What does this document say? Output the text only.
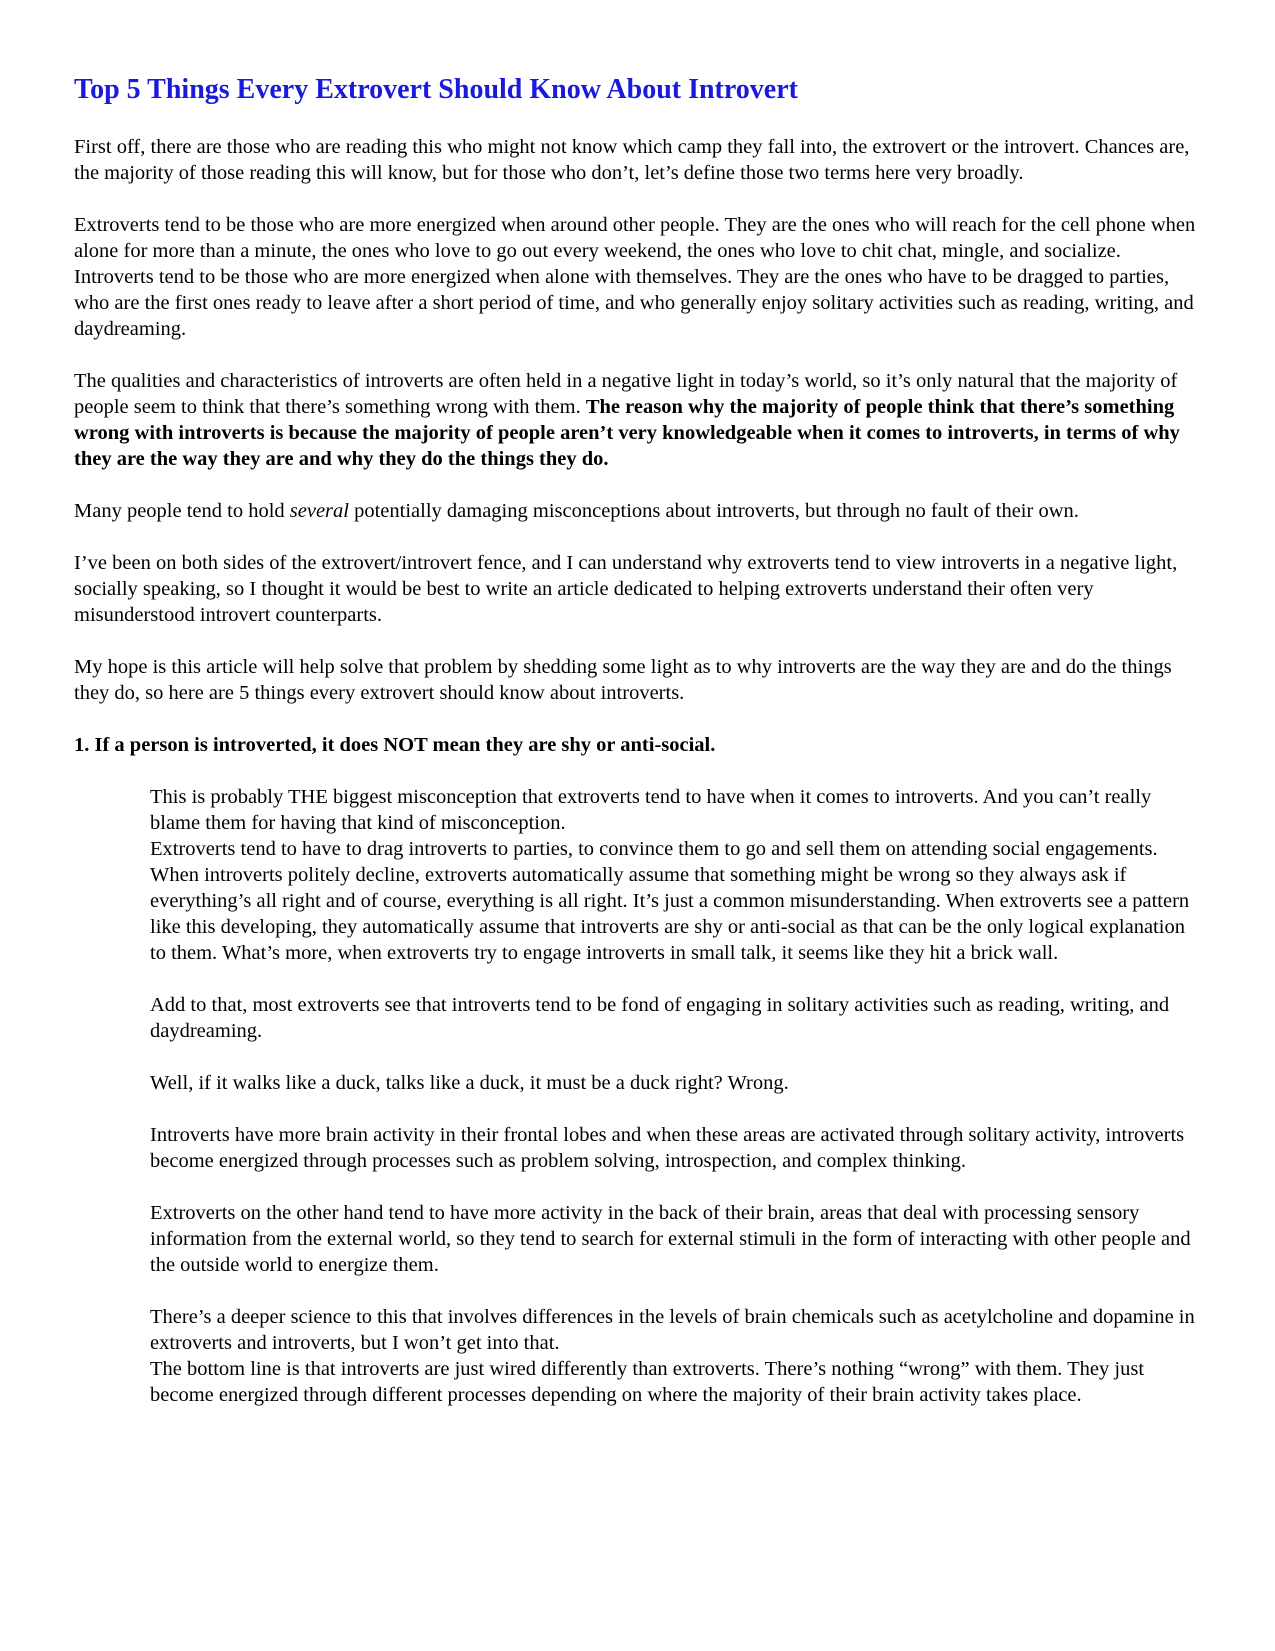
Top 5 Things Every Extrovert Should Know About Introvert

First off, there are those who are reading this who might not know which camp they fall into, the extrovert or the introvert. Chances are, the majority of those reading this will know, but for those who don’t, let’s define those two terms here very broadly.

Extroverts tend to be those who are more energized when around other people. They are the ones who will reach for the cell phone when alone for more than a minute, the ones who love to go out every weekend, the ones who love to chit chat, mingle, and socialize.

Introverts tend to be those who are more energized when alone with themselves. They are the ones who have to be dragged to parties, who are the first ones ready to leave after a short period of time, and who generally enjoy solitary activities such as reading, writing, and daydreaming.

The qualities and characteristics of introverts are often held in a negative light in today’s world, so it’s only natural that the majority of people seem to think that there’s something wrong with them. The reason why the majority of people think that there’s something wrong with introverts is because the majority of people aren’t very knowledgeable when it comes to introverts, in terms of why they are the way they are and why they do the things they do.

Many people tend to hold several potentially damaging misconceptions about introverts, but through no fault of their own.

I’ve been on both sides of the extrovert/introvert fence, and I can understand why extroverts tend to view introverts in a negative light, socially speaking, so I thought it would be best to write an article dedicated to helping extroverts understand their often very misunderstood introvert counterparts.

My hope is this article will help solve that problem by shedding some light as to why introverts are the way they are and do the things they do, so here are 5 things every extrovert should know about introverts.

1. If a person is introverted, it does NOT mean they are shy or anti-social.

This is probably THE biggest misconception that extroverts tend to have when it comes to introverts. And you can’t really blame them for having that kind of misconception.

Extroverts tend to have to drag introverts to parties, to convince them to go and sell them on attending social engagements. When introverts politely decline, extroverts automatically assume that something might be wrong so they always ask if everything’s all right and of course, everything is all right. It’s just a common misunderstanding. When extroverts see a pattern like this developing, they automatically assume that introverts are shy or anti-social as that can be the only logical explanation to them. What’s more, when extroverts try to engage introverts in small talk, it seems like they hit a brick wall.

Add to that, most extroverts see that introverts tend to be fond of engaging in solitary activities such as reading, writing, and daydreaming.

Well, if it walks like a duck, talks like a duck, it must be a duck right? Wrong.

Introverts have more brain activity in their frontal lobes and when these areas are activated through solitary activity, introverts become energized through processes such as problem solving, introspection, and complex thinking.

Extroverts on the other hand tend to have more activity in the back of their brain, areas that deal with processing sensory information from the external world, so they tend to search for external stimuli in the form of interacting with other people and the outside world to energize them.

There’s a deeper science to this that involves differences in the levels of brain chemicals such as acetylcholine and dopamine in extroverts and introverts, but I won’t get into that.

The bottom line is that introverts are just wired differently than extroverts. There’s nothing “wrong” with them. They just become energized through different processes depending on where the majority of their brain activity takes place.
